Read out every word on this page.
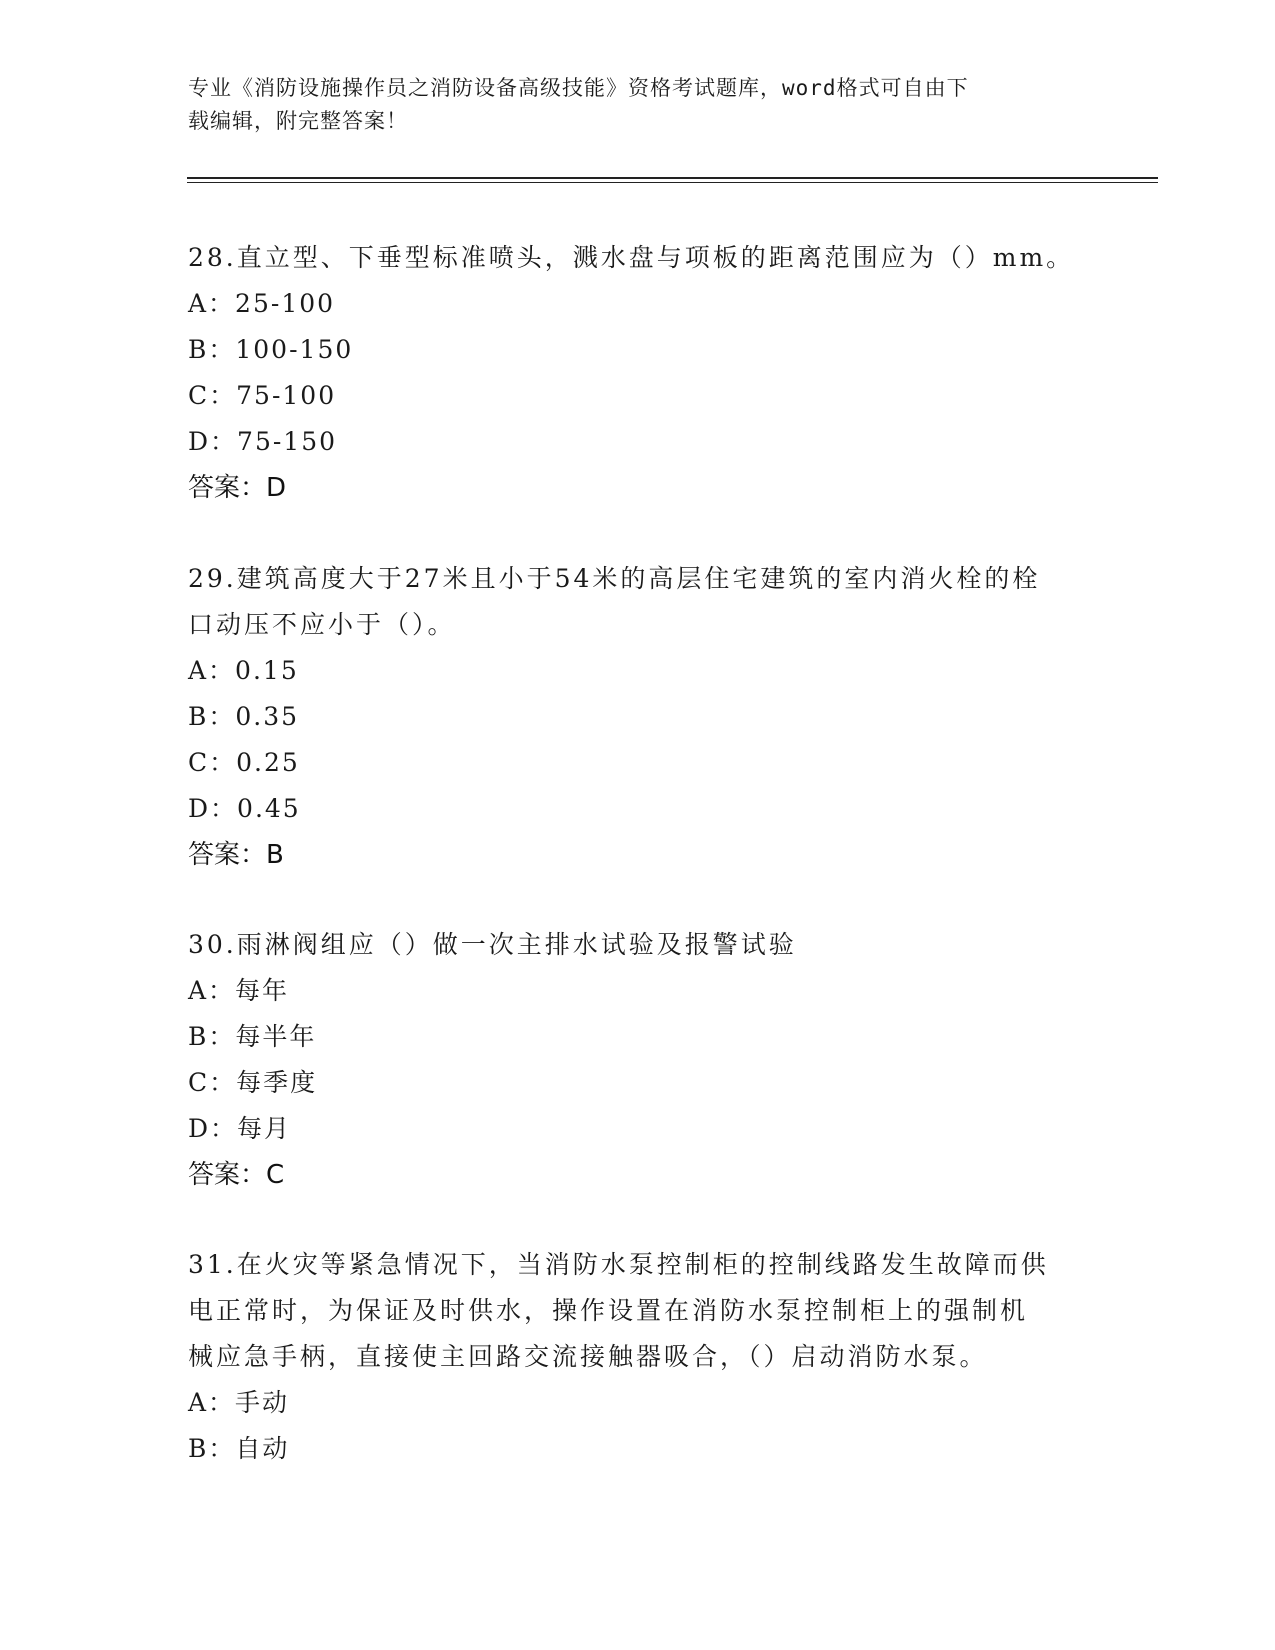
专业《消防设施操作员之消防设备高级技能》资格考试题库，word格式可自由下
载编辑，附完整答案！

28.直立型、下垂型标准喷头，溅水盘与项板的距离范围应为（）mm。

A：25-100

B：100-150

C：75-100

D：75-150

答案：D

29.建筑高度大于27米且小于54米的高层住宅建筑的室内消火栓的栓

口动压不应小于（）。

A：0.15

B：0.35

C：0.25

D：0.45

答案：B

30.雨淋阀组应（）做一次主排水试验及报警试验

A：每年

B：每半年

C：每季度

D：每月

答案：C

31.在火灾等紧急情况下，当消防水泵控制柜的控制线路发生故障而供

电正常时，为保证及时供水，操作设置在消防水泵控制柜上的强制机

械应急手柄，直接使主回路交流接触器吸合，（）启动消防水泵。

A：手动

B：自动
